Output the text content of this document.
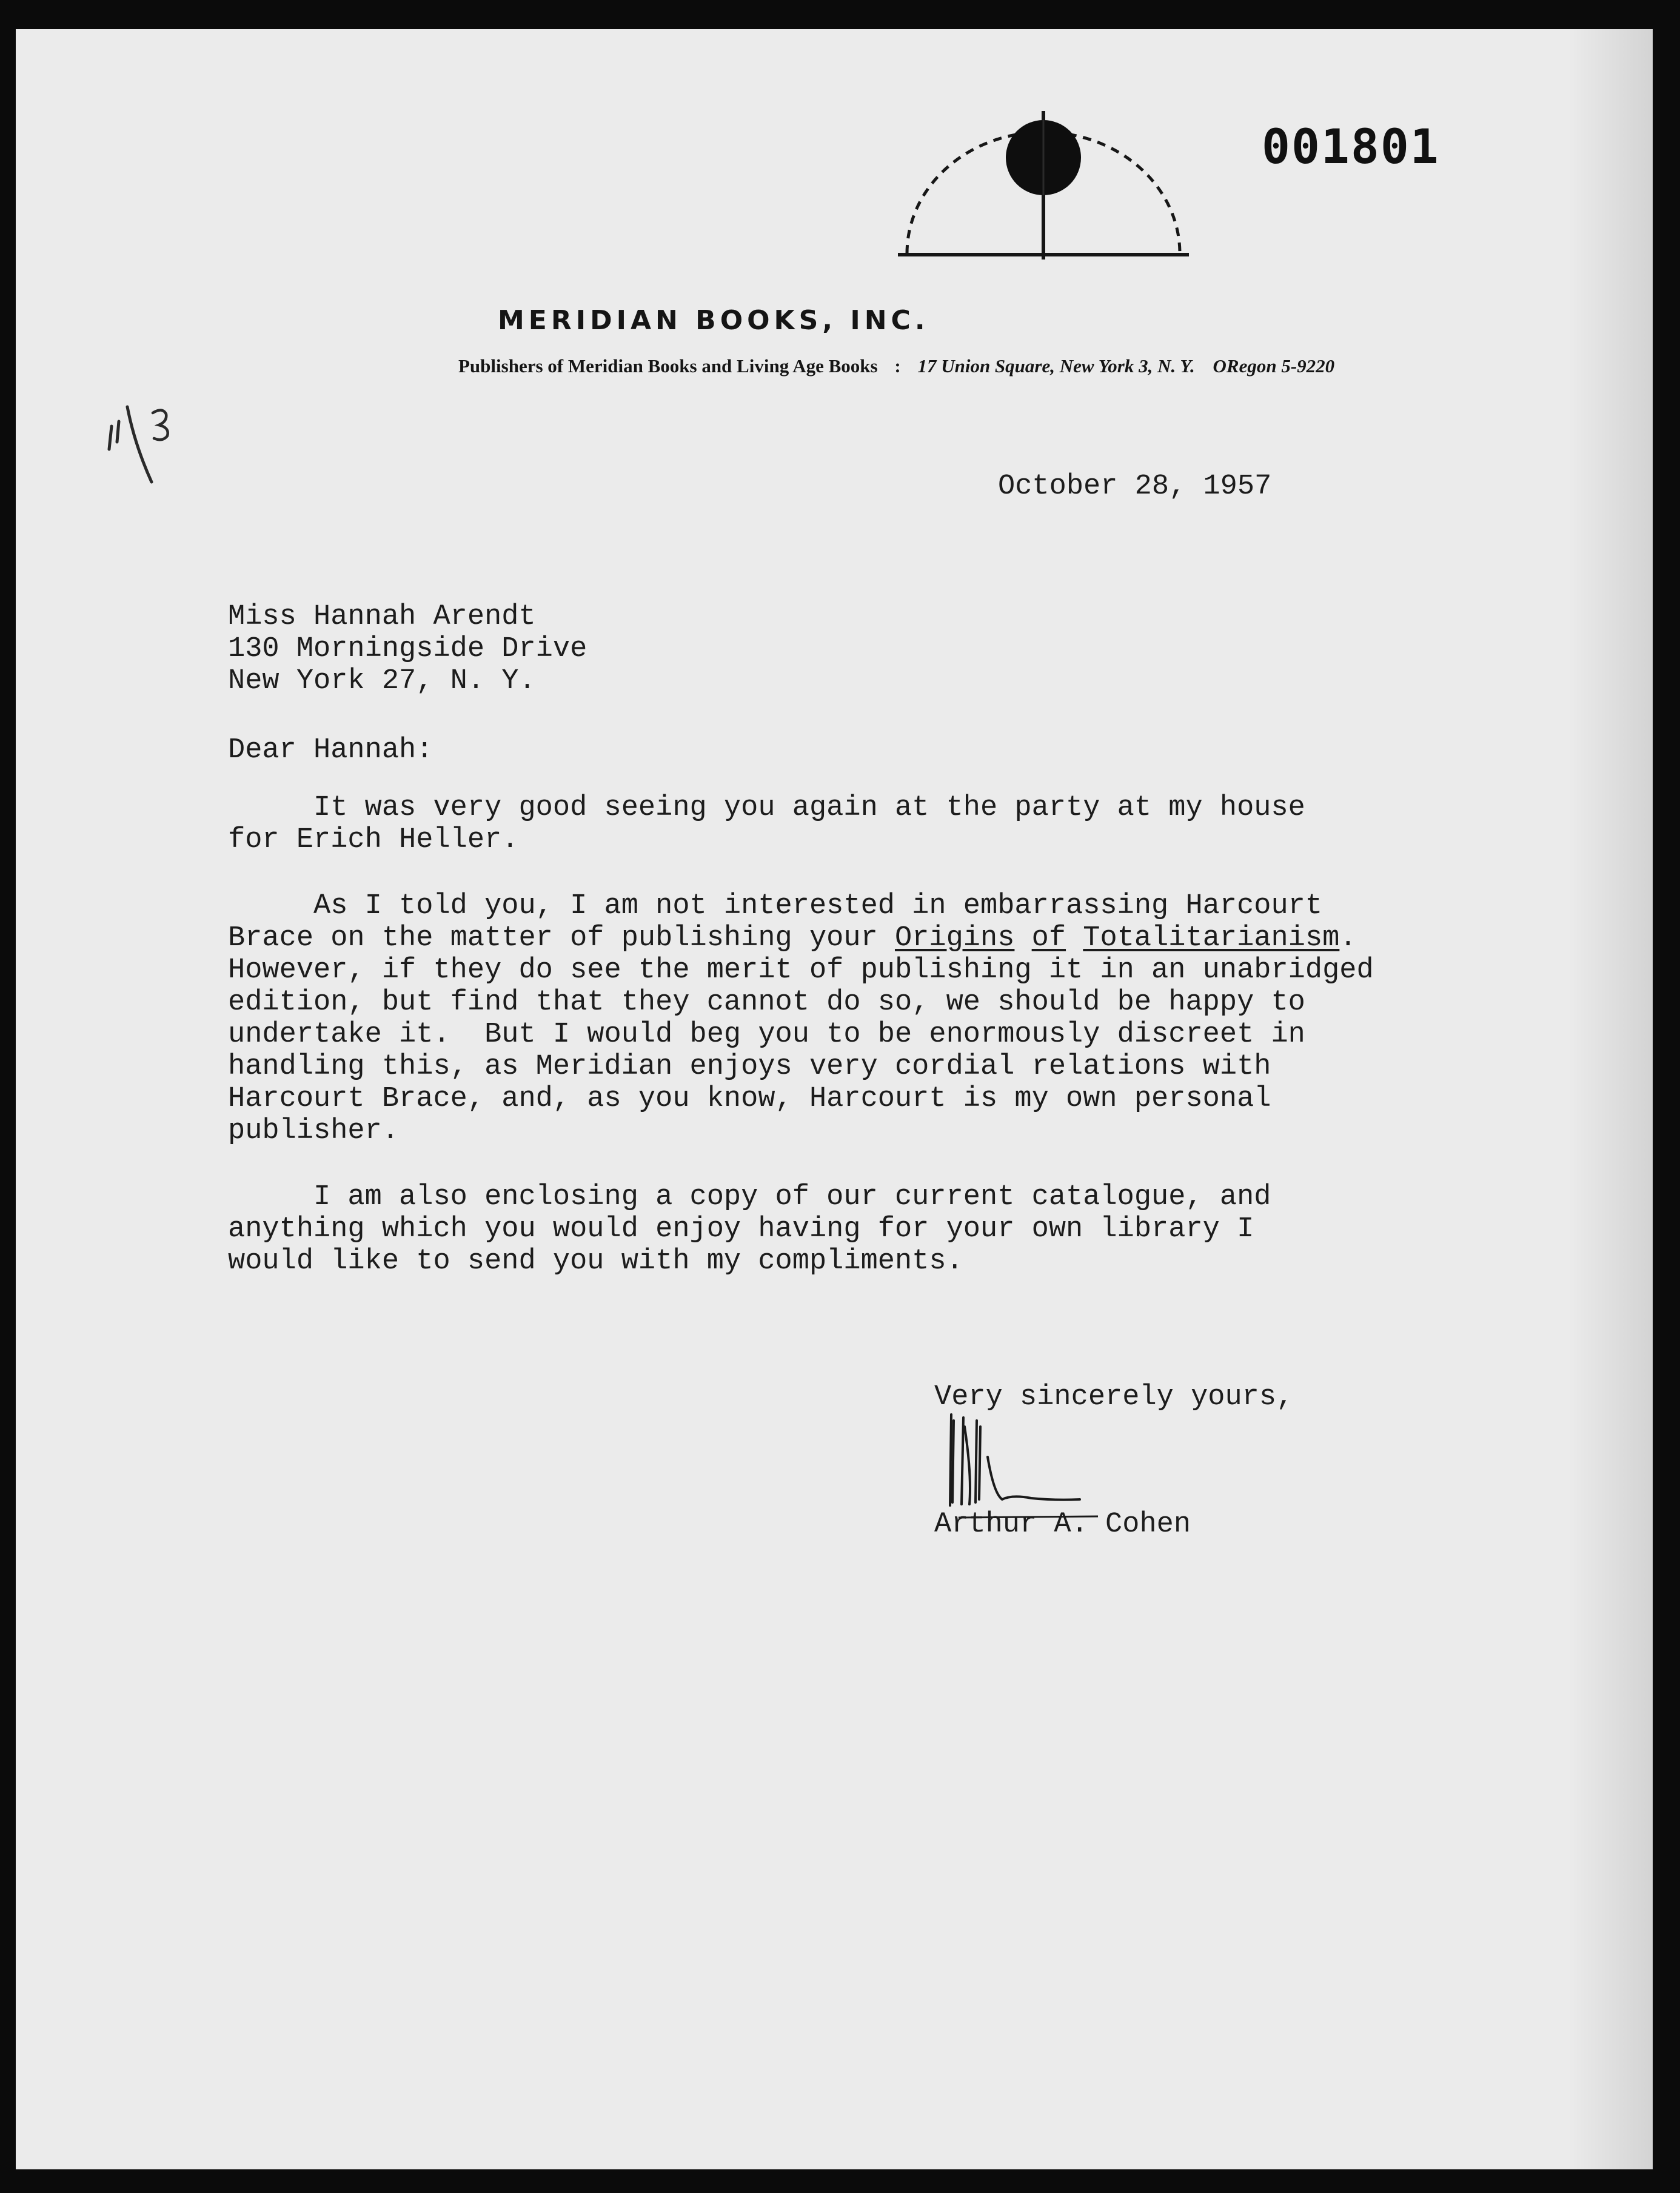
001801

MERIDIAN BOOKS, INC.

Publishers of Meridian Books and Living Age Books : 17 Union Square, New York 3, N. Y. ORegon 5-9220

October 28, 1957

Miss Hannah Arendt
130 Morningside Drive
New York 27, N. Y.

Dear Hannah:

It was very good seeing you again at the party at my house
for Erich Heller.
As I told you, I am not interested in embarrassing Harcourt
Brace on the matter of publishing your Origins of Totalitarianism.
However, if they do see the merit of publishing it in an unabridged
edition, but find that they cannot do so, we should be happy to
undertake it.  But I would beg you to be enormously discreet in
handling this, as Meridian enjoys very cordial relations with
Harcourt Brace, and, as you know, Harcourt is my own personal
publisher.
I am also enclosing a copy of our current catalogue, and
anything which you would enjoy having for your own library I
would like to send you with my compliments.

Very sincerely yours,

Arthur A. Cohen
